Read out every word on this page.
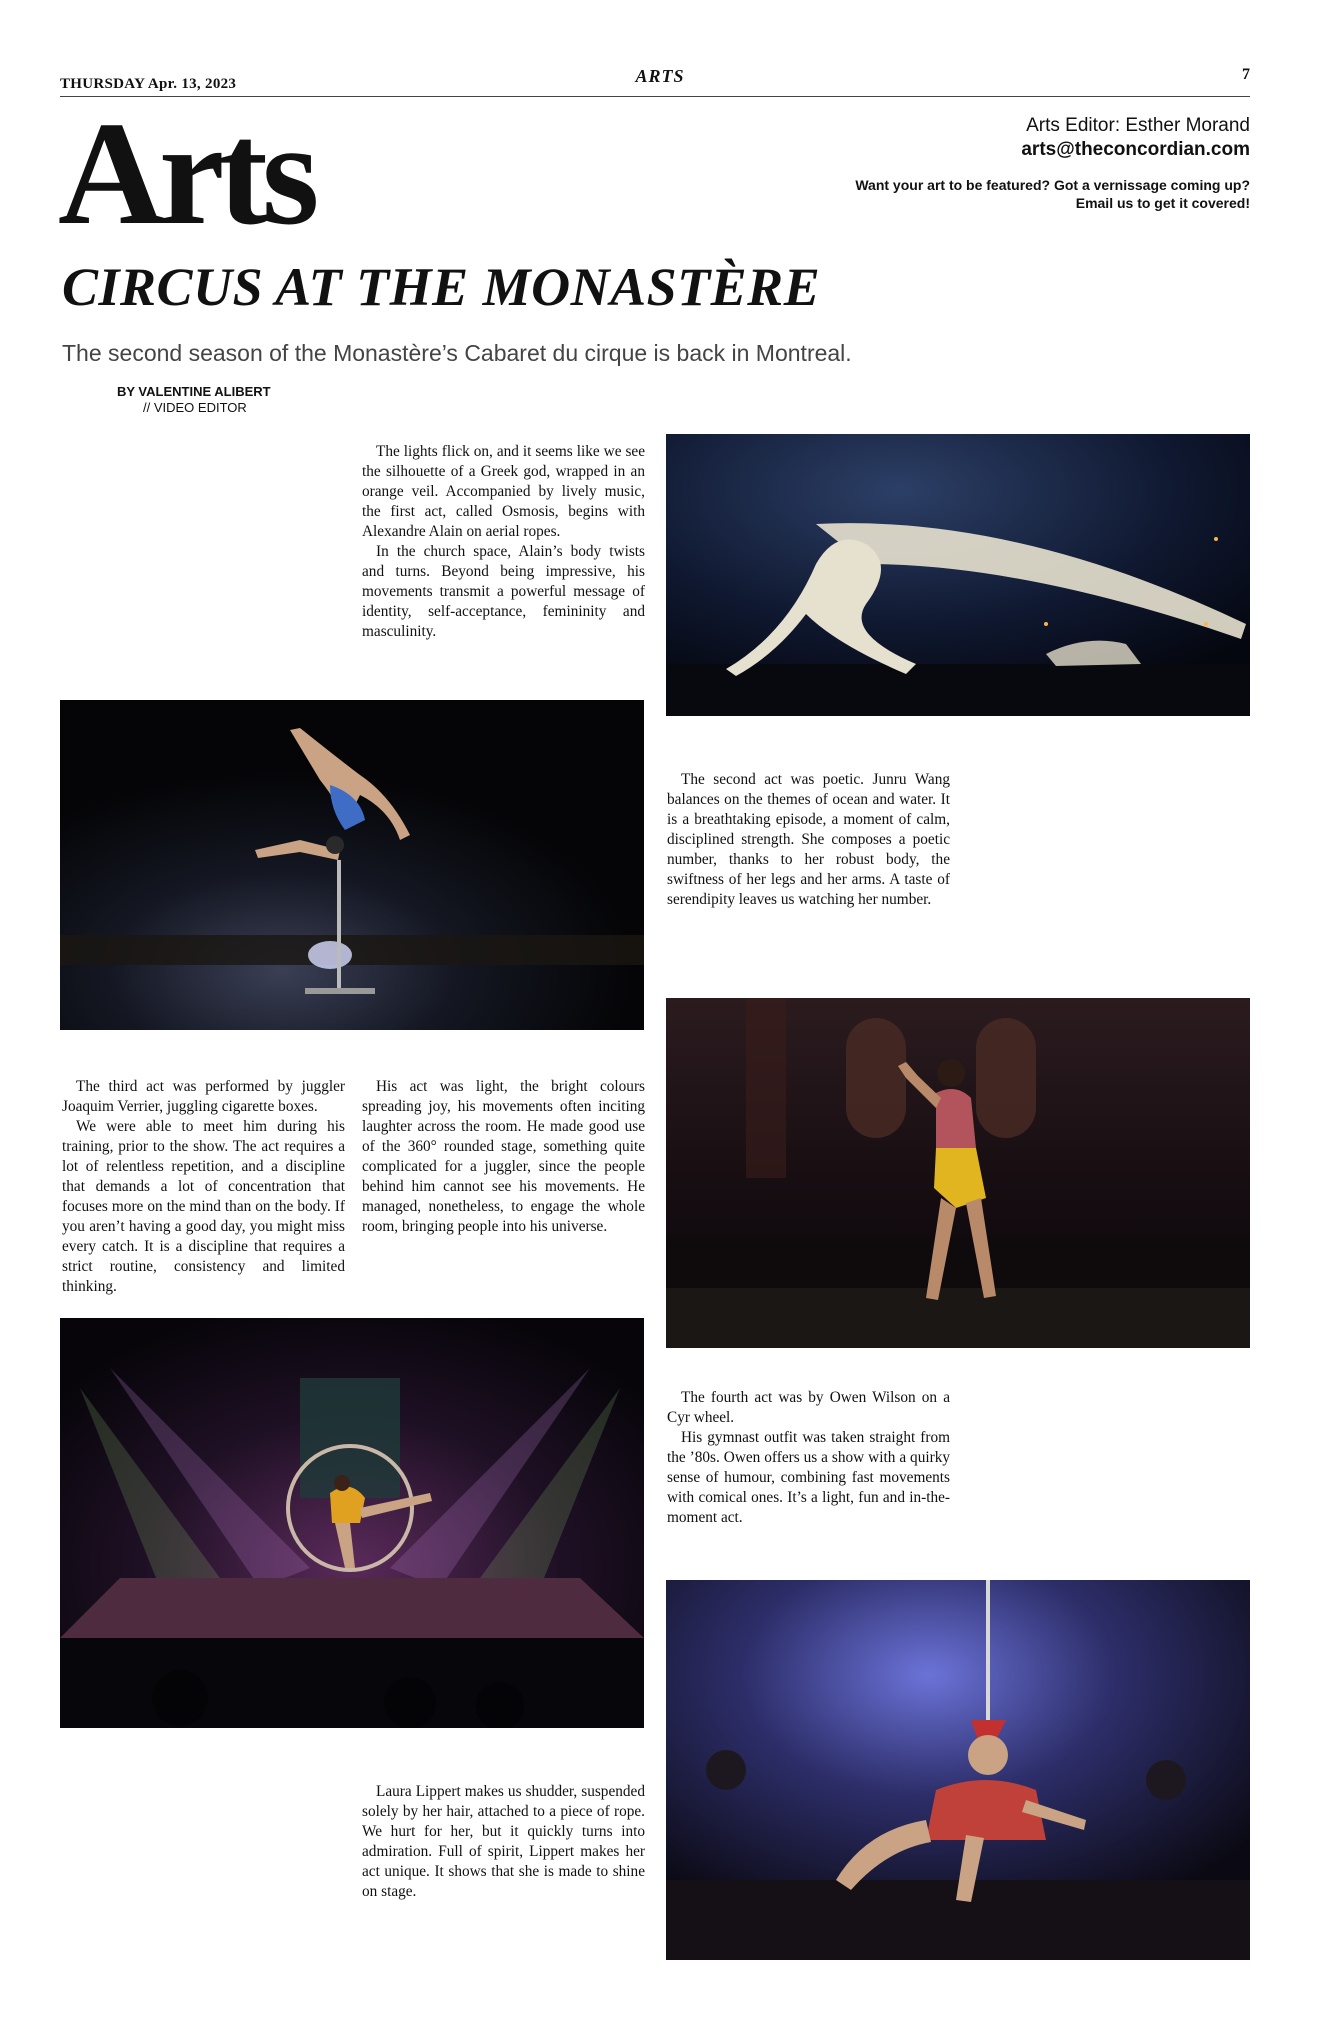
THURSDAY Apr. 13, 2023	ARTS	7
Arts	Arts Editor: Esther Morand
arts@theconcordian.com
Want your art to be featured? Got a vernissage coming up?
Email us to get it covered!
CIRCUS AT THE MONASTÈRE
The second season of the Monastère’s Cabaret du cirque is back in Montreal.
BY VALENTINE ALIBERT
// VIDEO EDITOR

The lights flick on, and it seems like we see the silhouette of a Greek god, wrapped in an orange veil. Accompanied by lively music, the first act, called Osmosis, begins with Alexandre Alain on aerial ropes.

In the church space, Alain’s body twists and turns. Beyond being impressive, his movements transmit a powerful message of identity, self-acceptance, femininity and masculinity.

The second act was poetic. Junru Wang balances on the themes of ocean and water. It is a breathtaking episode, a moment of calm, disciplined strength. She composes a poetic number, thanks to her robust body, the swiftness of her legs and her arms. A taste of serendipity leaves us watching her number.

The third act was performed by juggler Joaquim Verrier, juggling cigarette boxes.

We were able to meet him during his training, prior to the show. The act requires a lot of relentless repetition, and a discipline that demands a lot of concentration that focuses more on the mind than on the body. If you aren’t having a good day, you might miss every catch. It is a discipline that requires a strict routine, consistency and limited thinking.

His act was light, the bright colours spreading joy, his movements often inciting laughter across the room. He made good use of the 360° rounded stage, something quite complicated for a juggler, since the people behind him cannot see his movements. He managed, nonetheless, to engage the whole room, bringing people into his universe.

The fourth act was by Owen Wilson on a Cyr wheel.

His gymnast outfit was taken straight from the ’80s. Owen offers us a show with a quirky sense of humour, combining fast movements with comical ones. It’s a light, fun and in-the-moment act.

Laura Lippert makes us shudder, suspended solely by her hair, attached to a piece of rope. We hurt for her, but it quickly turns into admiration. Full of spirit, Lippert makes her act unique. It shows that she is made to shine on stage.
